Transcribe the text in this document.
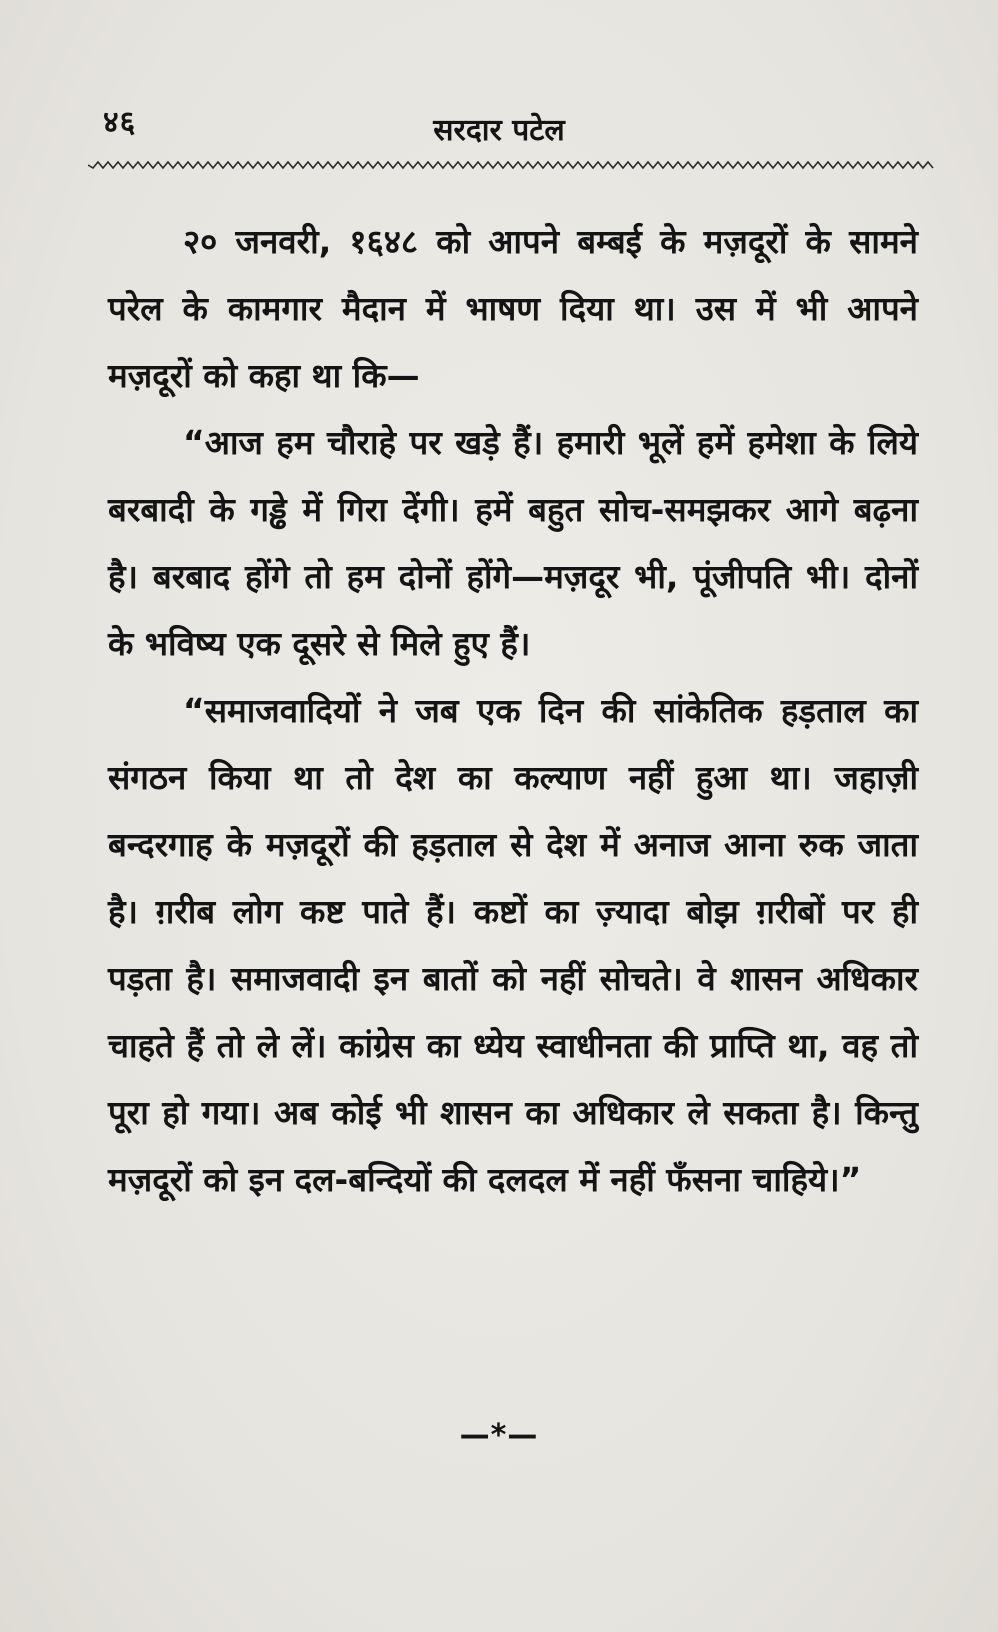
४६	सरदार पटेल

२० जनवरी, १६४८ को आपने बम्बई के मज़दूरों के सामने परेल के कामगार मैदान में भाषण दिया था। उस में भी आपने मज़दूरों को कहा था कि—

“आज हम चौराहे पर खड़े हैं। हमारी भूलें हमें हमेशा के लिये बरबादी के गड्ढे में गिरा देंगी। हमें बहुत सोच-समझकर आगे बढ़ना है। बरबाद होंगे तो हम दोनों होंगे—मज़दूर भी, पूंजीपति भी। दोनों के भविष्य एक दूसरे से मिले हुए हैं।

“समाजवादियों ने जब एक दिन की सांकेतिक हड़ताल का संगठन किया था तो देश का कल्याण नहीं हुआ था। जहाज़ी बन्दरगाह के मज़दूरों की हड़ताल से देश में अनाज आना रुक जाता है। ग़रीब लोग कष्ट पाते हैं। कष्टों का ज़्यादा बोझ ग़रीबों पर ही पड़ता है। समाजवादी इन बातों को नहीं सोचते। वे शासन अधिकार चाहते हैं तो ले लें। कांग्रेस का ध्येय स्वाधीनता की प्राप्ति था, वह तो पूरा हो गया। अब कोई भी शासन का अधिकार ले सकता है। किन्तु मज़दूरों को इन दल-बन्दियों की दलदल में नहीं फँसना चाहिये।”

—*—
